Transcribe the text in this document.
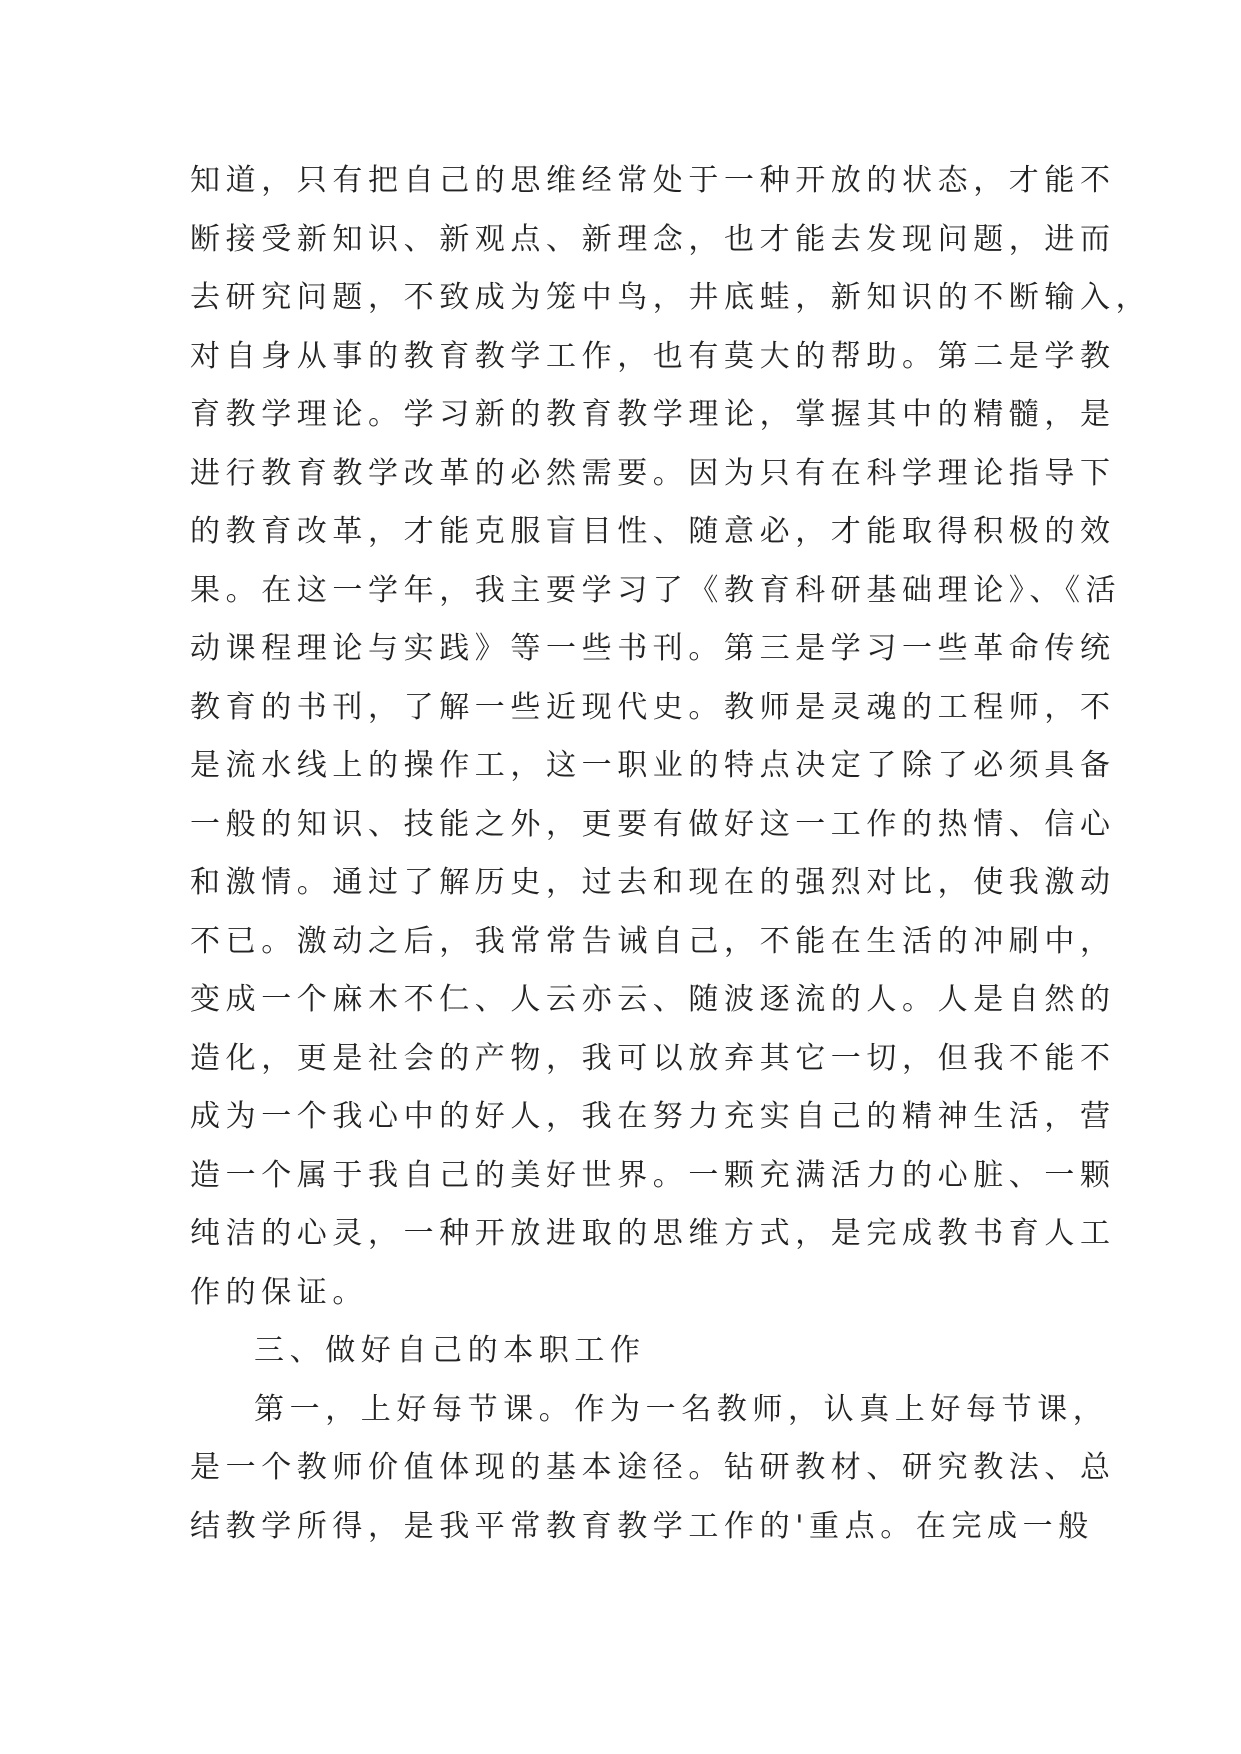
知道，只有把自己的思维经常处于一种开放的状态，才能不
断接受新知识、新观点、新理念，也才能去发现问题，进而
去研究问题，不致成为笼中鸟，井底蛙，新知识的不断输入，
对自身从事的教育教学工作，也有莫大的帮助。第二是学教
育教学理论。学习新的教育教学理论，掌握其中的精髓，是
进行教育教学改革的必然需要。因为只有在科学理论指导下
的教育改革，才能克服盲目性、随意必，才能取得积极的效
果。在这一学年，我主要学习了《教育科研基础理论》、《活
动课程理论与实践》等一些书刊。第三是学习一些革命传统
教育的书刊，了解一些近现代史。教师是灵魂的工程师，不
是流水线上的操作工，这一职业的特点决定了除了必须具备
一般的知识、技能之外，更要有做好这一工作的热情、信心
和激情。通过了解历史，过去和现在的强烈对比，使我激动
不已。激动之后，我常常告诫自己，不能在生活的冲刷中，
变成一个麻木不仁、人云亦云、随波逐流的人。人是自然的
造化，更是社会的产物，我可以放弃其它一切，但我不能不
成为一个我心中的好人，我在努力充实自己的精神生活，营
造一个属于我自己的美好世界。一颗充满活力的心脏、一颗
纯洁的心灵，一种开放进取的思维方式，是完成教书育人工
作的保证。
三、做好自己的本职工作
第一，上好每节课。作为一名教师，认真上好每节课，
是一个教师价值体现的基本途径。钻研教材、研究教法、总
结教学所得，是我平常教育教学工作的'重点。在完成一般
